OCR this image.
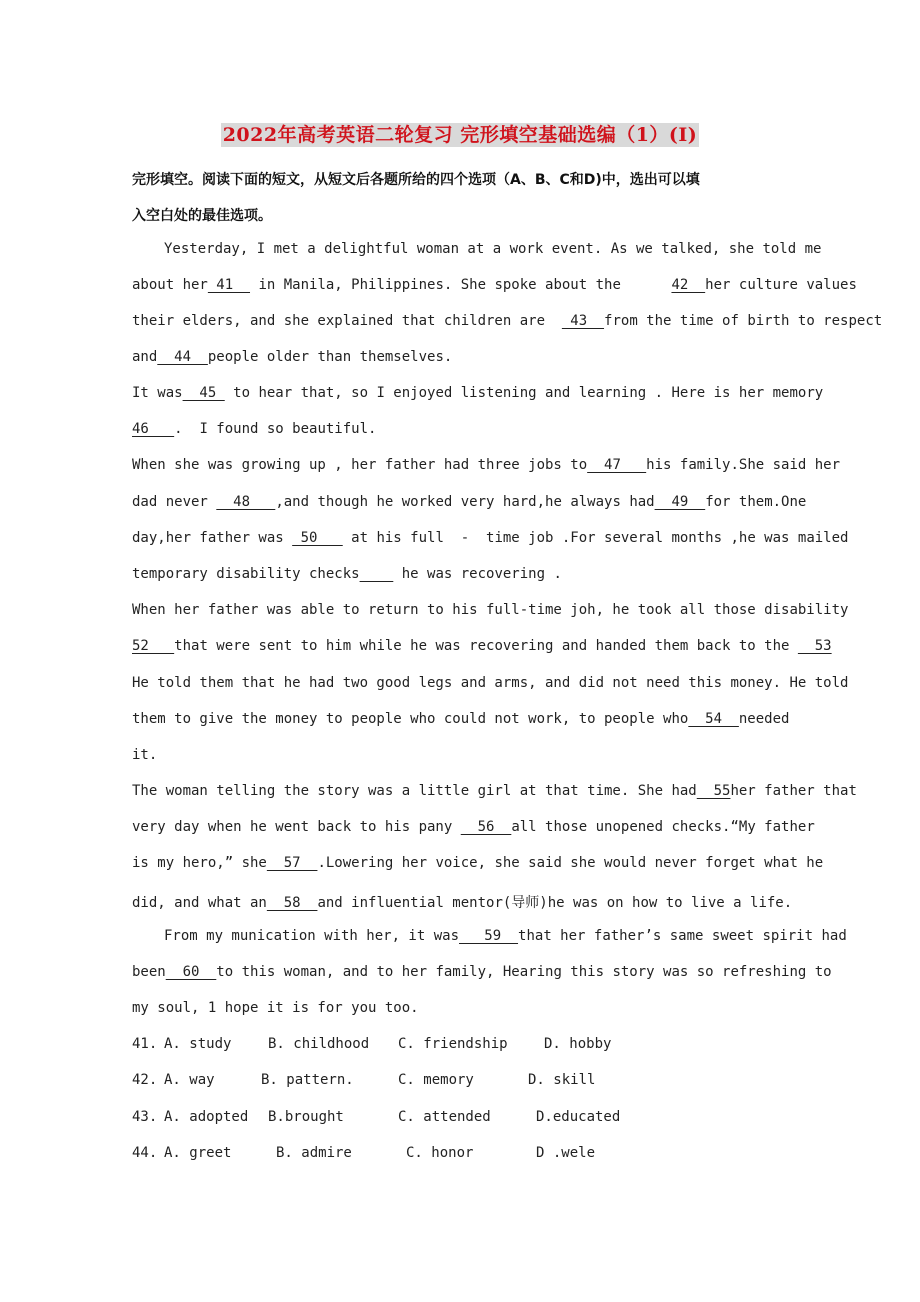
2022年高考英语二轮复习 完形填空基础选编（1）(I)
完形填空。阅读下面的短文，从短文后各题所给的四个选项（A、B、C和D)中，选出可以填
入空白处的最佳选项。
Yesterday, I met a delightful woman at a work event. As we talked, she told me
about her 41   in Manila, Philippines. She spoke about the      42  her culture values
their elders, and she explained that children are   43  from the time of birth to respect
and  44  people older than themselves.
It was  45  to hear that, so I enjoyed listening and learning . Here is her memory
46   .  I found so beautiful.
When she was growing up , her father had three jobs to  47   his family.She said her
dad never   48   ,and though he worked very hard,he always had  49  for them.One
day,her father was  50    at his full  -  time job .For several months ,he was mailed
temporary disability checks     he was recovering .
When her father was able to return to his full-time joh, he took all those disability
52   that were sent to him while he was recovering and handed them back to the   53
He told them that he had two good legs and arms, and did not need this money. He told
them to give the money to people who could not work, to people who  54  needed
it.
The woman telling the story was a little girl at that time. She had  55her father that
very day when he went back to his pany   56  all those unopened checks.“My father
is my hero,” she  57  .Lowering her voice, she said she would never forget what he
did, and what an  58  and influential mentor(导师)he was on how to live a life.
From my munication with her, it was   59  that her father’s same sweet spirit had
been  60  to this woman, and to her family, Hearing this story was so refreshing to
my soul, 1 hope it is for you too.
41. A. study	B. childhood C. friendship	D. hobby
42. A. way	B. pattern.	C. memory	D. skill
43. A. adopted B.brought	C. attended	D.educated
44. A. greet	B. admire	C. honor	D .wele
